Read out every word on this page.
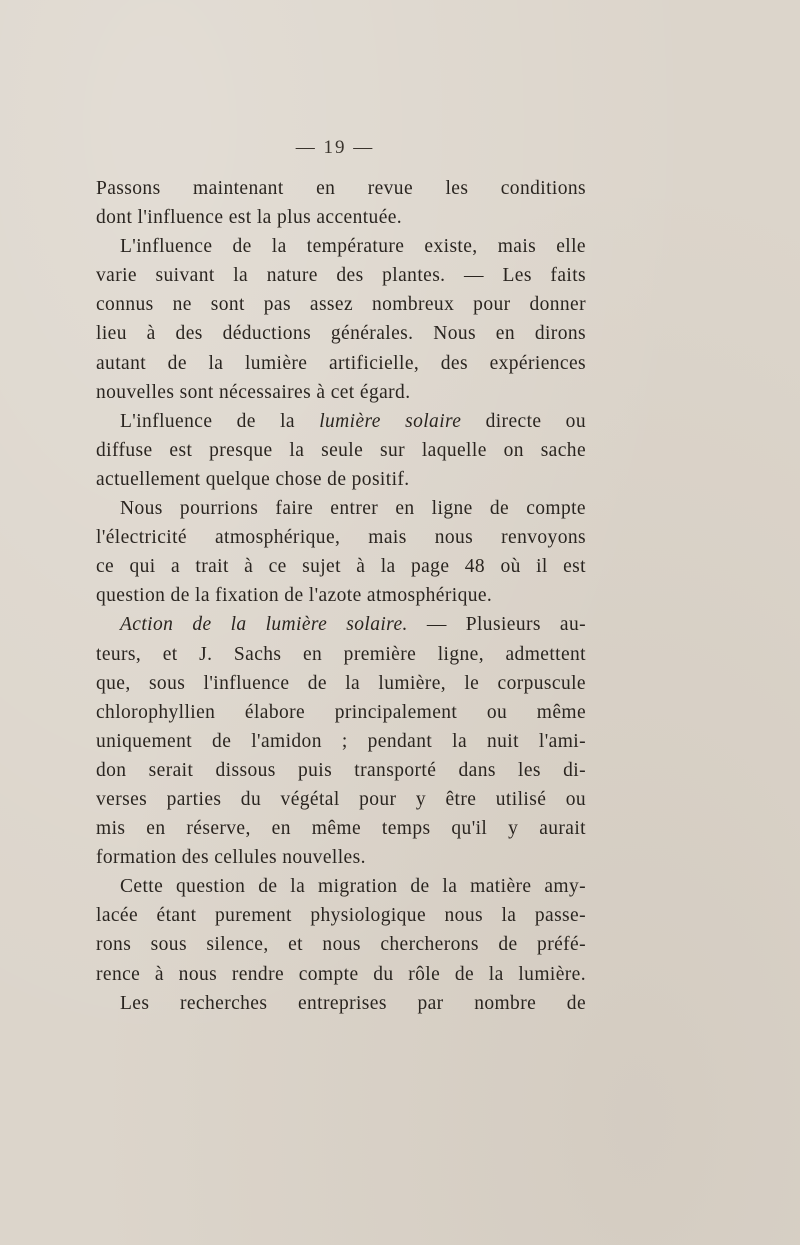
— 19 —
Passons maintenant en revue les conditions
dont l'influence est la plus accentuée.
L'influence de la température existe, mais elle
varie suivant la nature des plantes. — Les faits
connus ne sont pas assez nombreux pour donner
lieu à des déductions générales. Nous en dirons
autant de la lumière artificielle, des expériences
nouvelles sont nécessaires à cet égard.
L'influence de la lumière solaire directe ou
diffuse est presque la seule sur laquelle on sache
actuellement quelque chose de positif.
Nous pourrions faire entrer en ligne de compte
l'électricité atmosphérique, mais nous renvoyons
ce qui a trait à ce sujet à la page 48 où il est
question de la fixation de l'azote atmosphérique.
Action de la lumière solaire. — Plusieurs au-
teurs, et J. Sachs en première ligne, admettent
que, sous l'influence de la lumière, le corpuscule
chlorophyllien élabore principalement ou même
uniquement de l'amidon ; pendant la nuit l'ami-
don serait dissous puis transporté dans les di-
verses parties du végétal pour y être utilisé ou
mis en réserve, en même temps qu'il y aurait
formation des cellules nouvelles.
Cette question de la migration de la matière amy-
lacée étant purement physiologique nous la passe-
rons sous silence, et nous chercherons de préfé-
rence à nous rendre compte du rôle de la lumière.
Les recherches entreprises par nombre de
